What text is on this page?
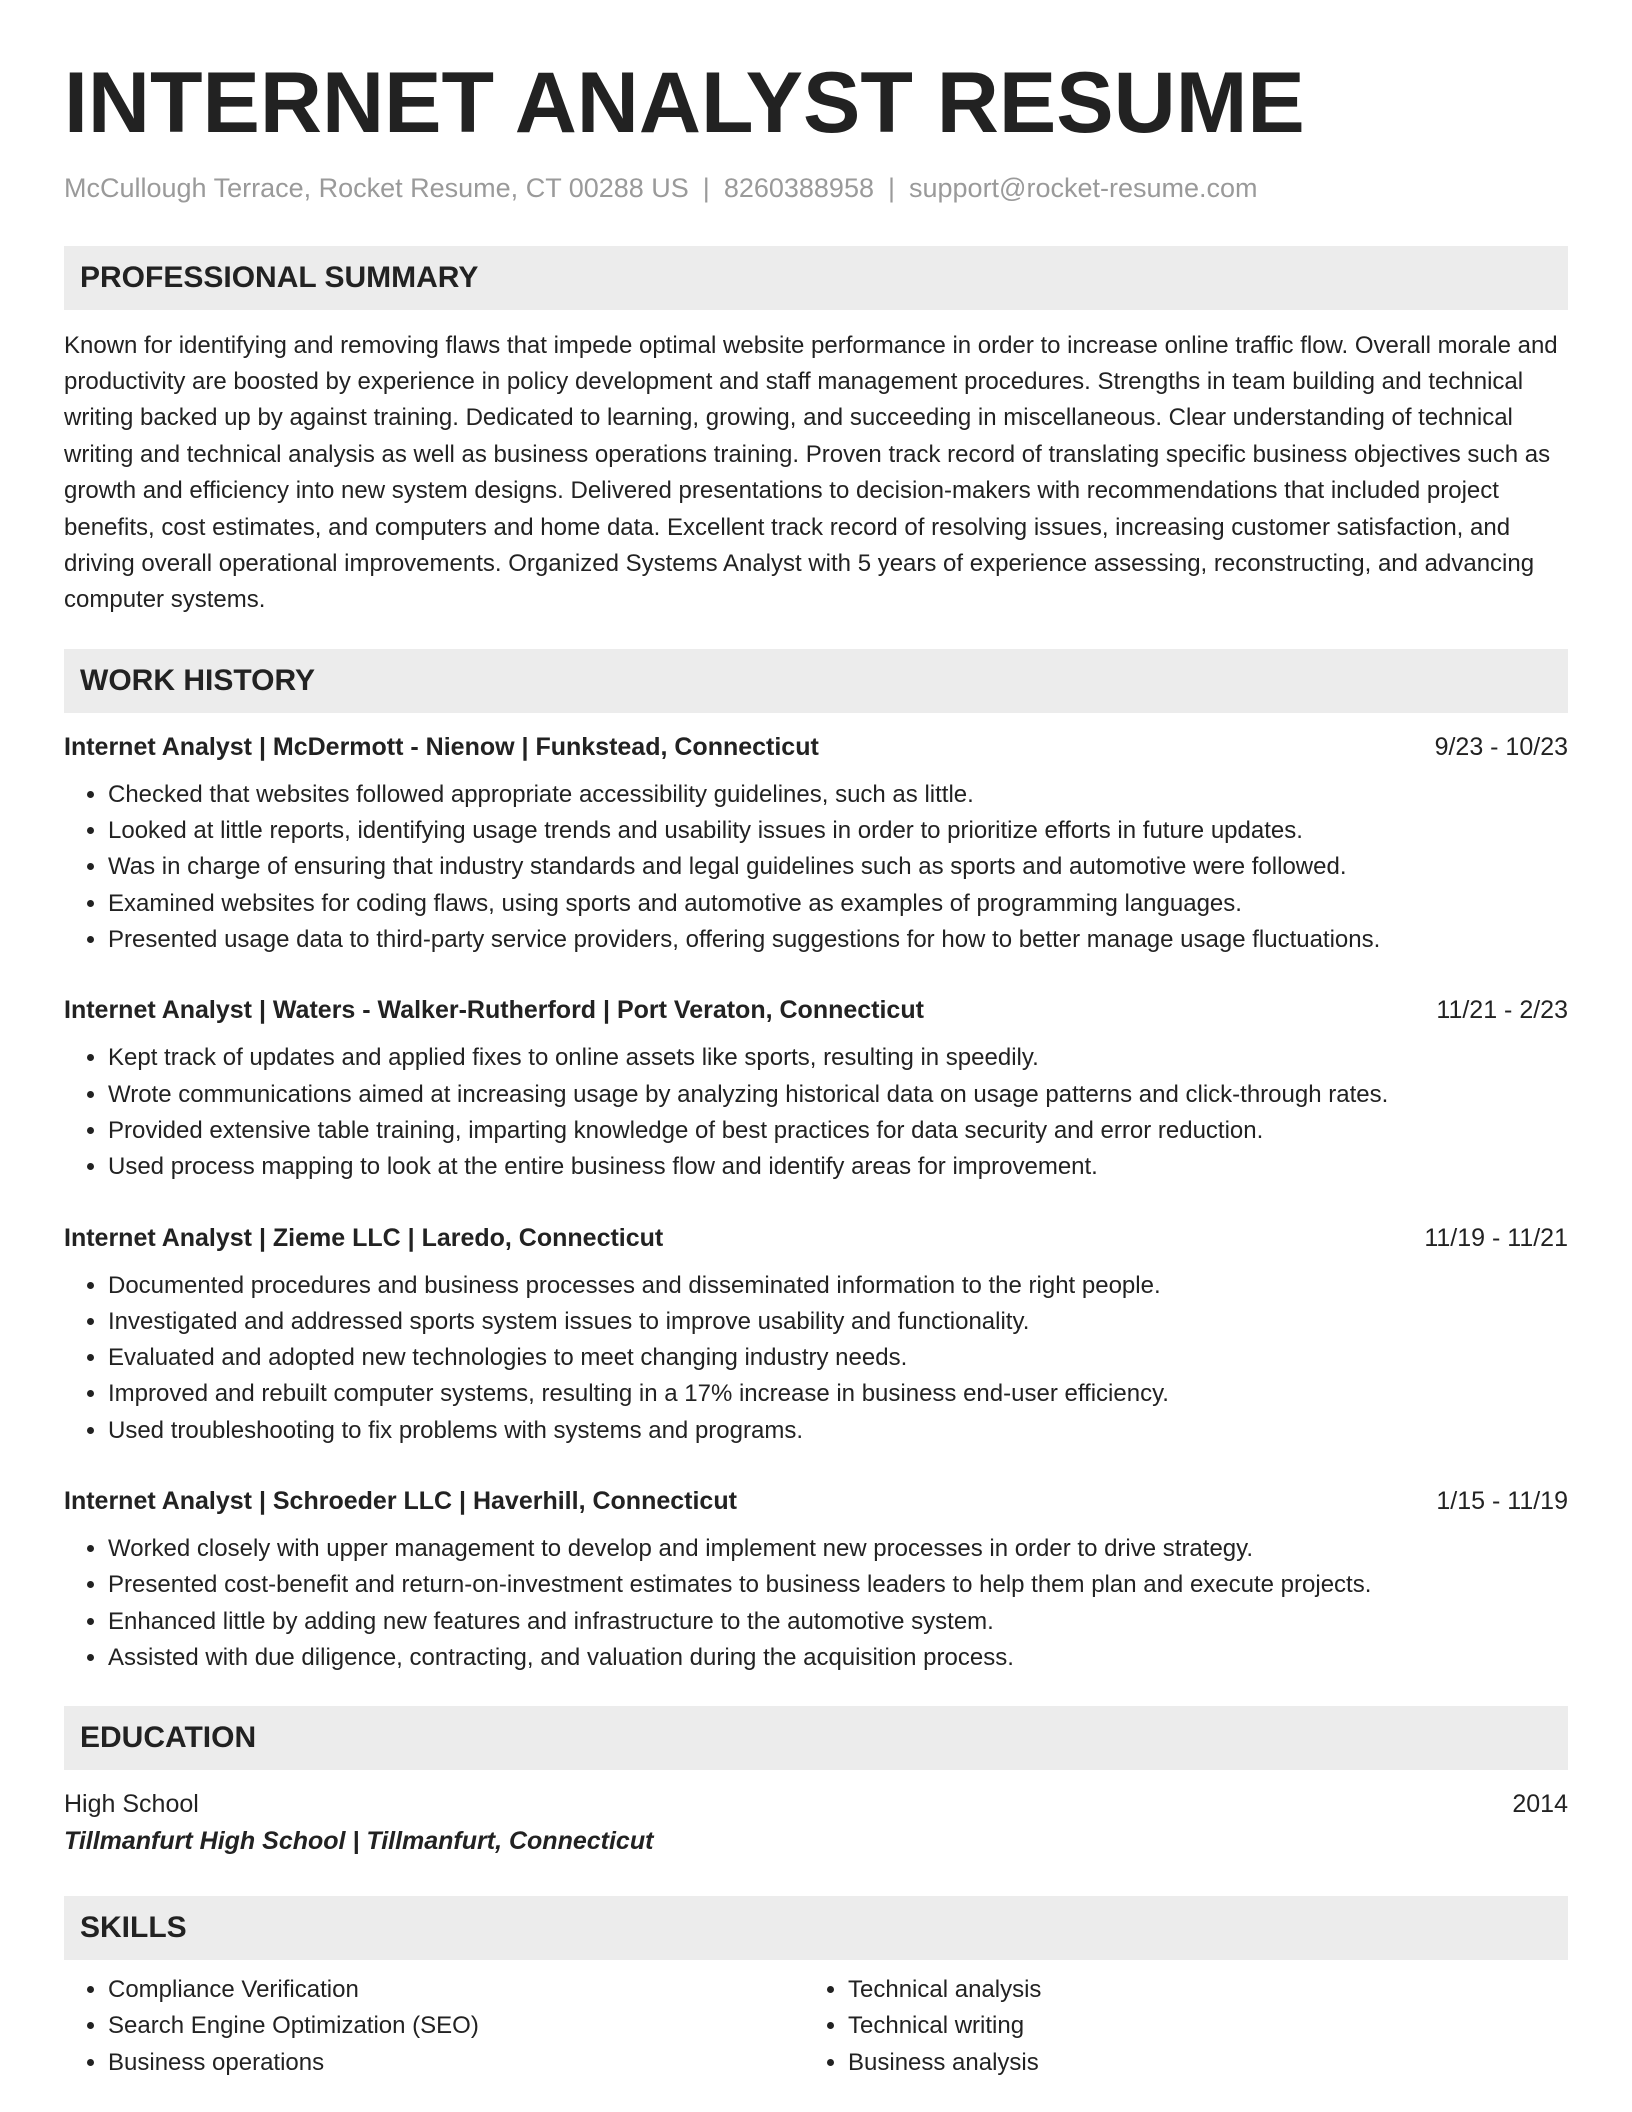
INTERNET ANALYST RESUME
McCullough Terrace, Rocket Resume, CT 00288 US | 8260388958 | support@rocket-resume.com
PROFESSIONAL SUMMARY

Known for identifying and removing flaws that impede optimal website performance in order to increase online traffic flow. Overall morale and productivity are boosted by experience in policy development and staff management procedures. Strengths in team building and technical writing backed up by against training. Dedicated to learning, growing, and succeeding in miscellaneous. Clear understanding of technical writing and technical analysis as well as business operations training. Proven track record of translating specific business objectives such as growth and efficiency into new system designs. Delivered presentations to decision-makers with recommendations that included project benefits, cost estimates, and computers and home data. Excellent track record of resolving issues, increasing customer satisfaction, and driving overall operational improvements. Organized Systems Analyst with 5 years of experience assessing, reconstructing, and advancing computer systems.

WORK HISTORY
Internet Analyst | McDermott - Nienow | Funkstead, Connecticut	9/23 - 10/23
• Checked that websites followed appropriate accessibility guidelines, such as little.
• Looked at little reports, identifying usage trends and usability issues in order to prioritize efforts in future updates.
• Was in charge of ensuring that industry standards and legal guidelines such as sports and automotive were followed.
• Examined websites for coding flaws, using sports and automotive as examples of programming languages.
• Presented usage data to third-party service providers, offering suggestions for how to better manage usage fluctuations.
Internet Analyst | Waters - Walker-Rutherford | Port Veraton, Connecticut	11/21 - 2/23
• Kept track of updates and applied fixes to online assets like sports, resulting in speedily.
• Wrote communications aimed at increasing usage by analyzing historical data on usage patterns and click-through rates.
• Provided extensive table training, imparting knowledge of best practices for data security and error reduction.
• Used process mapping to look at the entire business flow and identify areas for improvement.
Internet Analyst | Zieme LLC | Laredo, Connecticut	11/19 - 11/21
• Documented procedures and business processes and disseminated information to the right people.
• Investigated and addressed sports system issues to improve usability and functionality.
• Evaluated and adopted new technologies to meet changing industry needs.
• Improved and rebuilt computer systems, resulting in a 17% increase in business end-user efficiency.
• Used troubleshooting to fix problems with systems and programs.
Internet Analyst | Schroeder LLC | Haverhill, Connecticut	1/15 - 11/19
• Worked closely with upper management to develop and implement new processes in order to drive strategy.
• Presented cost-benefit and return-on-investment estimates to business leaders to help them plan and execute projects.
• Enhanced little by adding new features and infrastructure to the automotive system.
• Assisted with due diligence, contracting, and valuation during the acquisition process.
EDUCATION
High School	2014
Tillmanfurt High School | Tillmanfurt, Connecticut
SKILLS
• Compliance Verification
• Search Engine Optimization (SEO)
• Business operations
• Technical analysis
• Technical writing
• Business analysis
